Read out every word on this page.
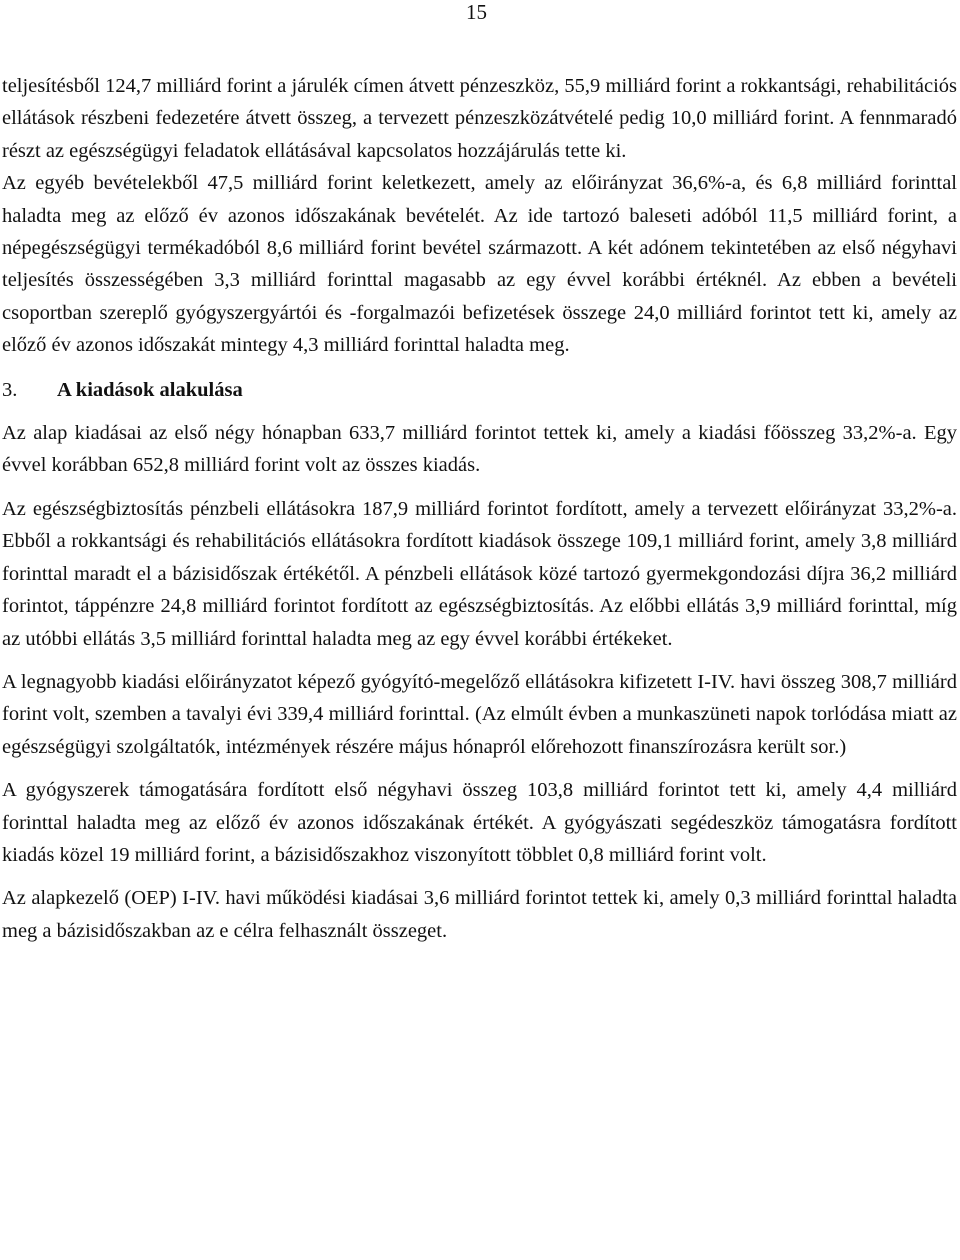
15

teljesítésből 124,7 milliárd forint a járulék címen átvett pénzeszköz, 55,9 milliárd forint a rokkantsági, rehabilitációs ellátások részbeni fedezetére átvett összeg, a tervezett pénzeszközátvételé pedig 10,0 milliárd forint. A fennmaradó részt az egészségügyi feladatok ellátásával kapcsolatos hozzájárulás tette ki.

Az egyéb bevételekből 47,5 milliárd forint keletkezett, amely az előirányzat 36,6%-a, és 6,8 milliárd forinttal haladta meg az előző év azonos időszakának bevételét. Az ide tartozó baleseti adóból 11,5 milliárd forint, a népegészségügyi termékadóból 8,6 milliárd forint bevétel származott. A két adónem tekintetében az első négyhavi teljesítés összességében 3,3 milliárd forinttal magasabb az egy évvel korábbi értéknél. Az ebben a bevételi csoportban szereplő gyógyszergyártói és -forgalmazói befizetések összege 24,0 milliárd forintot tett ki, amely az előző év azonos időszakát mintegy 4,3 milliárd forinttal haladta meg.

3. A kiadások alakulása

Az alap kiadásai az első négy hónapban 633,7 milliárd forintot tettek ki, amely a kiadási főösszeg 33,2%-a. Egy évvel korábban 652,8 milliárd forint volt az összes kiadás.

Az egészségbiztosítás pénzbeli ellátásokra 187,9 milliárd forintot fordított, amely a tervezett előirányzat 33,2%-a. Ebből a rokkantsági és rehabilitációs ellátásokra fordított kiadások összege 109,1 milliárd forint, amely 3,8 milliárd forinttal maradt el a bázisidőszak értékétől. A pénzbeli ellátások közé tartozó gyermekgondozási díjra 36,2 milliárd forintot, táppénzre 24,8 milliárd forintot fordított az egészségbiztosítás. Az előbbi ellátás 3,9 milliárd forinttal, míg az utóbbi ellátás 3,5 milliárd forinttal haladta meg az egy évvel korábbi értékeket.

A legnagyobb kiadási előirányzatot képező gyógyító-megelőző ellátásokra kifizetett I-IV. havi összeg 308,7 milliárd forint volt, szemben a tavalyi évi 339,4 milliárd forinttal. (Az elmúlt évben a munkaszüneti napok torlódása miatt az egészségügyi szolgáltatók, intézmények részére május hónapról előrehozott finanszírozásra került sor.)

A gyógyszerek támogatására fordított első négyhavi összeg 103,8 milliárd forintot tett ki, amely 4,4 milliárd forinttal haladta meg az előző év azonos időszakának értékét. A gyógyászati segédeszköz támogatásra fordított kiadás közel 19 milliárd forint, a bázisidőszakhoz viszonyított többlet 0,8 milliárd forint volt.

Az alapkezelő (OEP) I-IV. havi működési kiadásai 3,6 milliárd forintot tettek ki, amely 0,3 milliárd forinttal haladta meg a bázisidőszakban az e célra felhasznált összeget.
